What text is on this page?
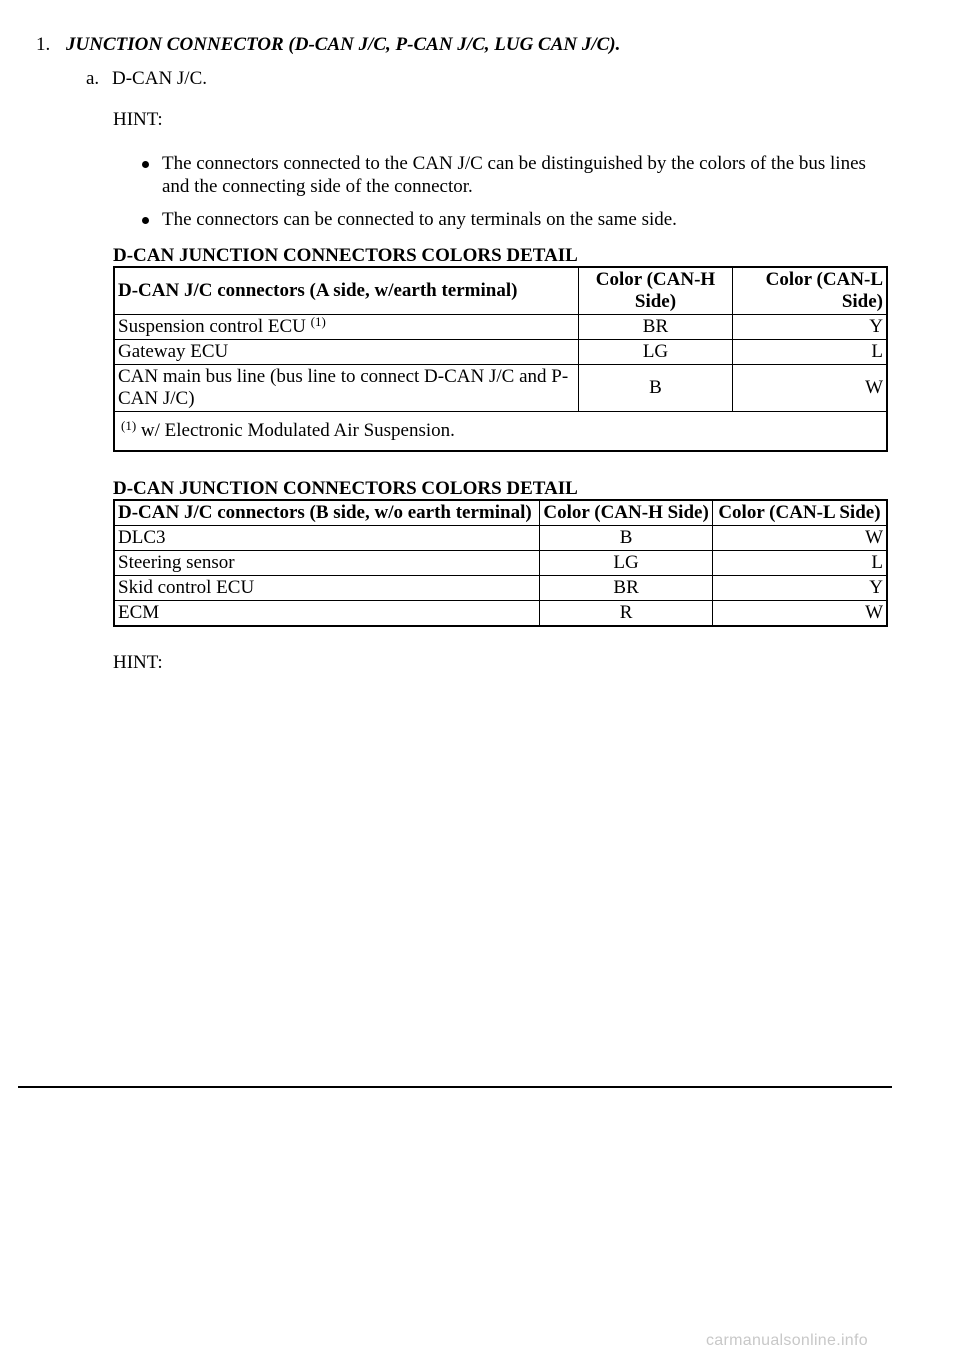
1. JUNCTION CONNECTOR (D-CAN J/C, P-CAN J/C, LUG CAN J/C).
a. D-CAN J/C.
HINT:
The connectors connected to the CAN J/C can be distinguished by the colors of the bus lines and the connecting side of the connector.
The connectors can be connected to any terminals on the same side.
D-CAN JUNCTION CONNECTORS COLORS DETAIL
D-CAN J/C connectors (A side, w/earth terminal)	Color (CAN-H Side)	Color (CAN-L Side)
Suspension control ECU $^{(1)}$	BR	Y
Gateway ECU	LG	L
CAN main bus line (bus line to connect D-CAN J/C and P-CAN J/C)	B	W
$^{(1)}$ w/ Electronic Modulated Air Suspension.		
D-CAN JUNCTION CONNECTORS COLORS DETAIL
D-CAN J/C connectors (B side, w/o earth terminal)	Color (CAN-H Side)	Color (CAN-L Side)
DLC3	B	W
Steering sensor	LG	L
Skid control ECU	BR	Y
ECM	R	W
HINT:
carmanualsonline.info
